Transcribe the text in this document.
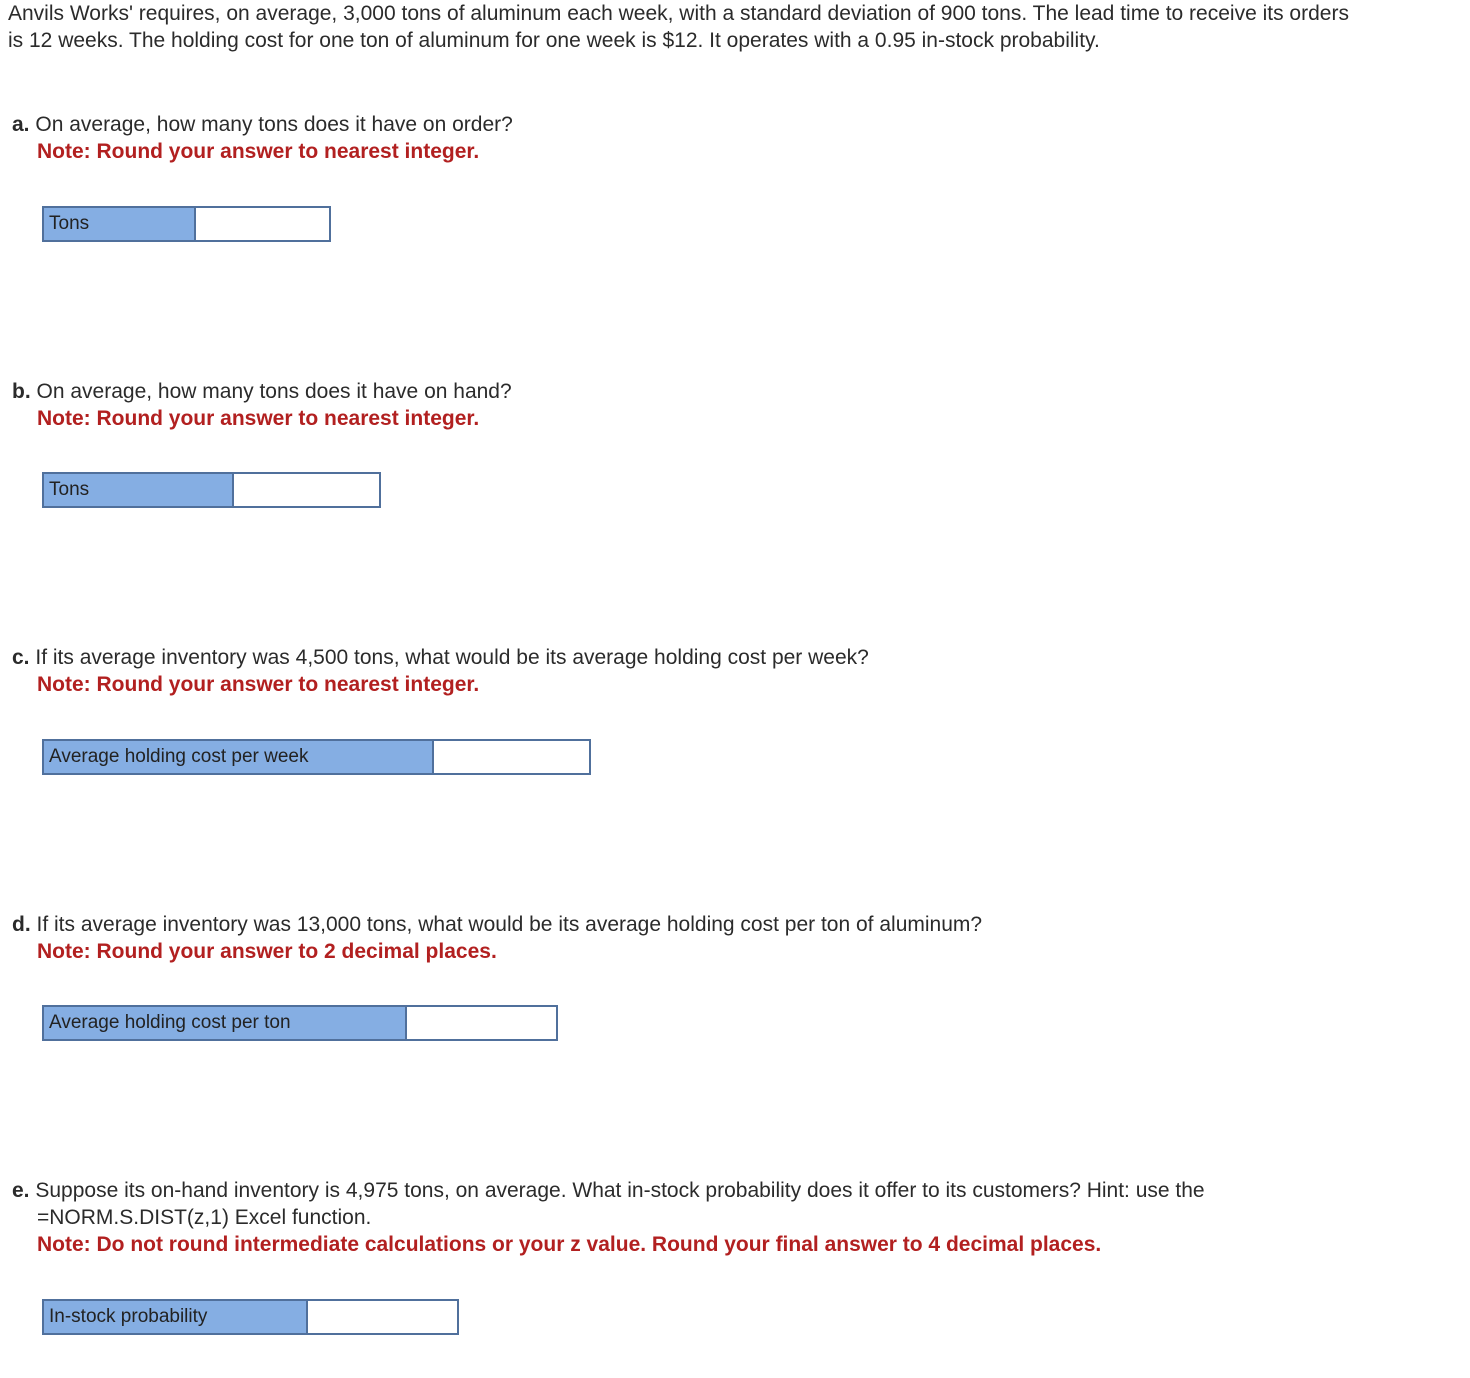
Anvils Works' requires, on average, 3,000 tons of aluminum each week, with a standard deviation of 900 tons. The lead time to receive its orders is 12 weeks. The holding cost for one ton of aluminum for one week is $12. It operates with a 0.95 in-stock probability.
a. On average, how many tons does it have on order?
Note: Round your answer to nearest integer.
Tons
b. On average, how many tons does it have on hand?
Note: Round your answer to nearest integer.
Tons
c. If its average inventory was 4,500 tons, what would be its average holding cost per week?
Note: Round your answer to nearest integer.
Average holding cost per week
d. If its average inventory was 13,000 tons, what would be its average holding cost per ton of aluminum?
Note: Round your answer to 2 decimal places.
Average holding cost per ton
e. Suppose its on-hand inventory is 4,975 tons, on average. What in-stock probability does it offer to its customers? Hint: use the
=NORM.S.DIST(z,1) Excel function.
Note: Do not round intermediate calculations or your z value. Round your final answer to 4 decimal places.
In-stock probability
